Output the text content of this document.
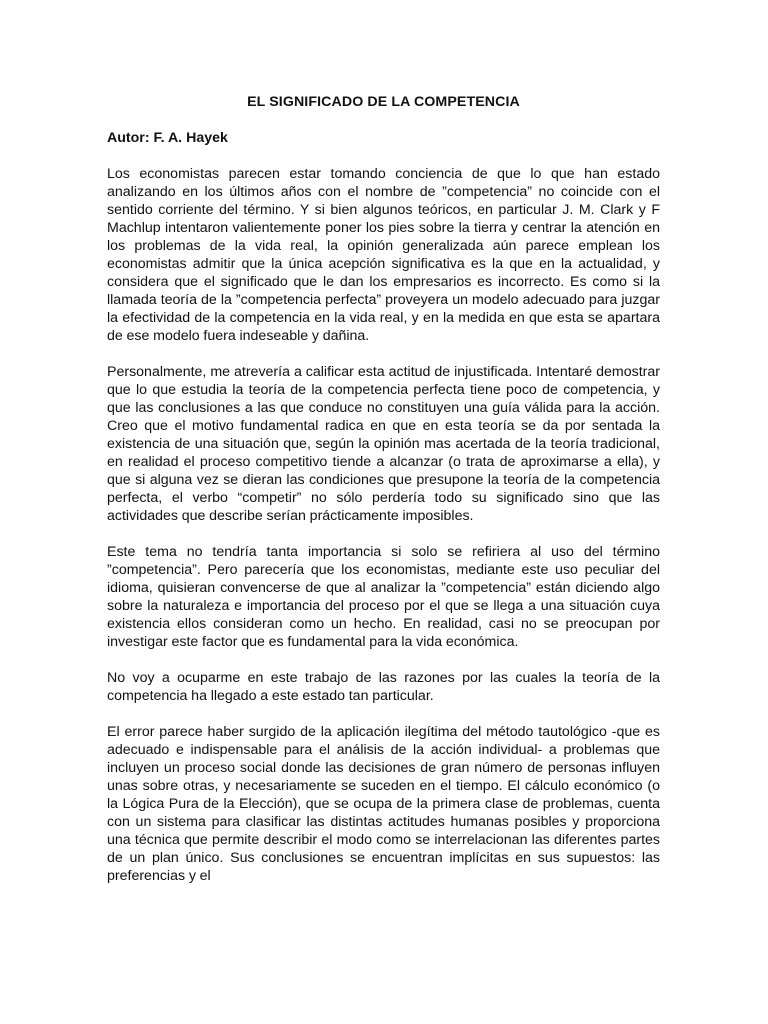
EL SIGNIFICADO DE LA COMPETENCIA
Autor: F. A. Hayek
Los economistas parecen estar tomando conciencia de que lo que han estado analizando en los últimos años con el nombre de ”competencia” no coincide con el sentido corriente del término. Y si bien algunos teóricos, en particular J. M. Clark y F Machlup intentaron valientemente poner los pies sobre la tierra y centrar la atención en los problemas de la vida real, la opinión generalizada aún parece emplean los economistas admitir que la única acepción significativa es la que en la actualidad, y considera que el significado que le dan los empresarios es incorrecto. Es como si la llamada teoría de la ”competencia perfecta” proveyera un modelo adecuado para juzgar la efectividad de la competencia en la vida real, y en la medida en que esta se apartara de ese modelo fuera indeseable y dañina.
Personalmente, me atrevería a calificar esta actitud de injustificada. Intentaré demostrar que lo que estudia la teoría de la competencia perfecta tiene poco de competencia, y que las conclusiones a las que conduce no constituyen una guía válida para la acción. Creo que el motivo fundamental radica en que en esta teoría se da por sentada la existencia de una situación que, según la opinión mas acertada de la teoría tradicional, en realidad el proceso competitivo tiende a alcanzar (o trata de aproximarse a ella), y que si alguna vez se dieran las condiciones que presupone la teoría de la competencia perfecta, el verbo “competir” no sólo perdería todo su significado sino que las actividades que describe serían prácticamente imposibles.
Este tema no tendría tanta importancia si solo se refiriera al uso del término ”competencia”. Pero parecería que los economistas, mediante este uso peculiar del idioma, quisieran convencerse de que al analizar la ”competencia” están diciendo algo sobre la naturaleza e importancia del proceso por el que se llega a una situación cuya existencia ellos consideran como un hecho. En realidad, casi no se preocupan por investigar este factor que es fundamental para la vida económica.
No voy a ocuparme en este trabajo de las razones por las cuales la teoría de la competencia ha llegado a este estado tan particular.
El error parece haber surgido de la aplicación ilegítima del método tautológico -que es adecuado e indispensable para el análisis de la acción individual- a problemas que incluyen un proceso social donde las decisiones de gran número de personas influyen unas sobre otras, y necesariamente se suceden en el tiempo. El cálculo económico (o la Lógica Pura de la Elección), que se ocupa de la primera clase de problemas, cuenta con un sistema para clasificar las distintas actitudes humanas posibles y proporciona una técnica que permite describir el modo como se interrelacionan las diferentes partes de un plan único. Sus conclusiones se encuentran implícitas en sus supuestos: las preferencias y el
